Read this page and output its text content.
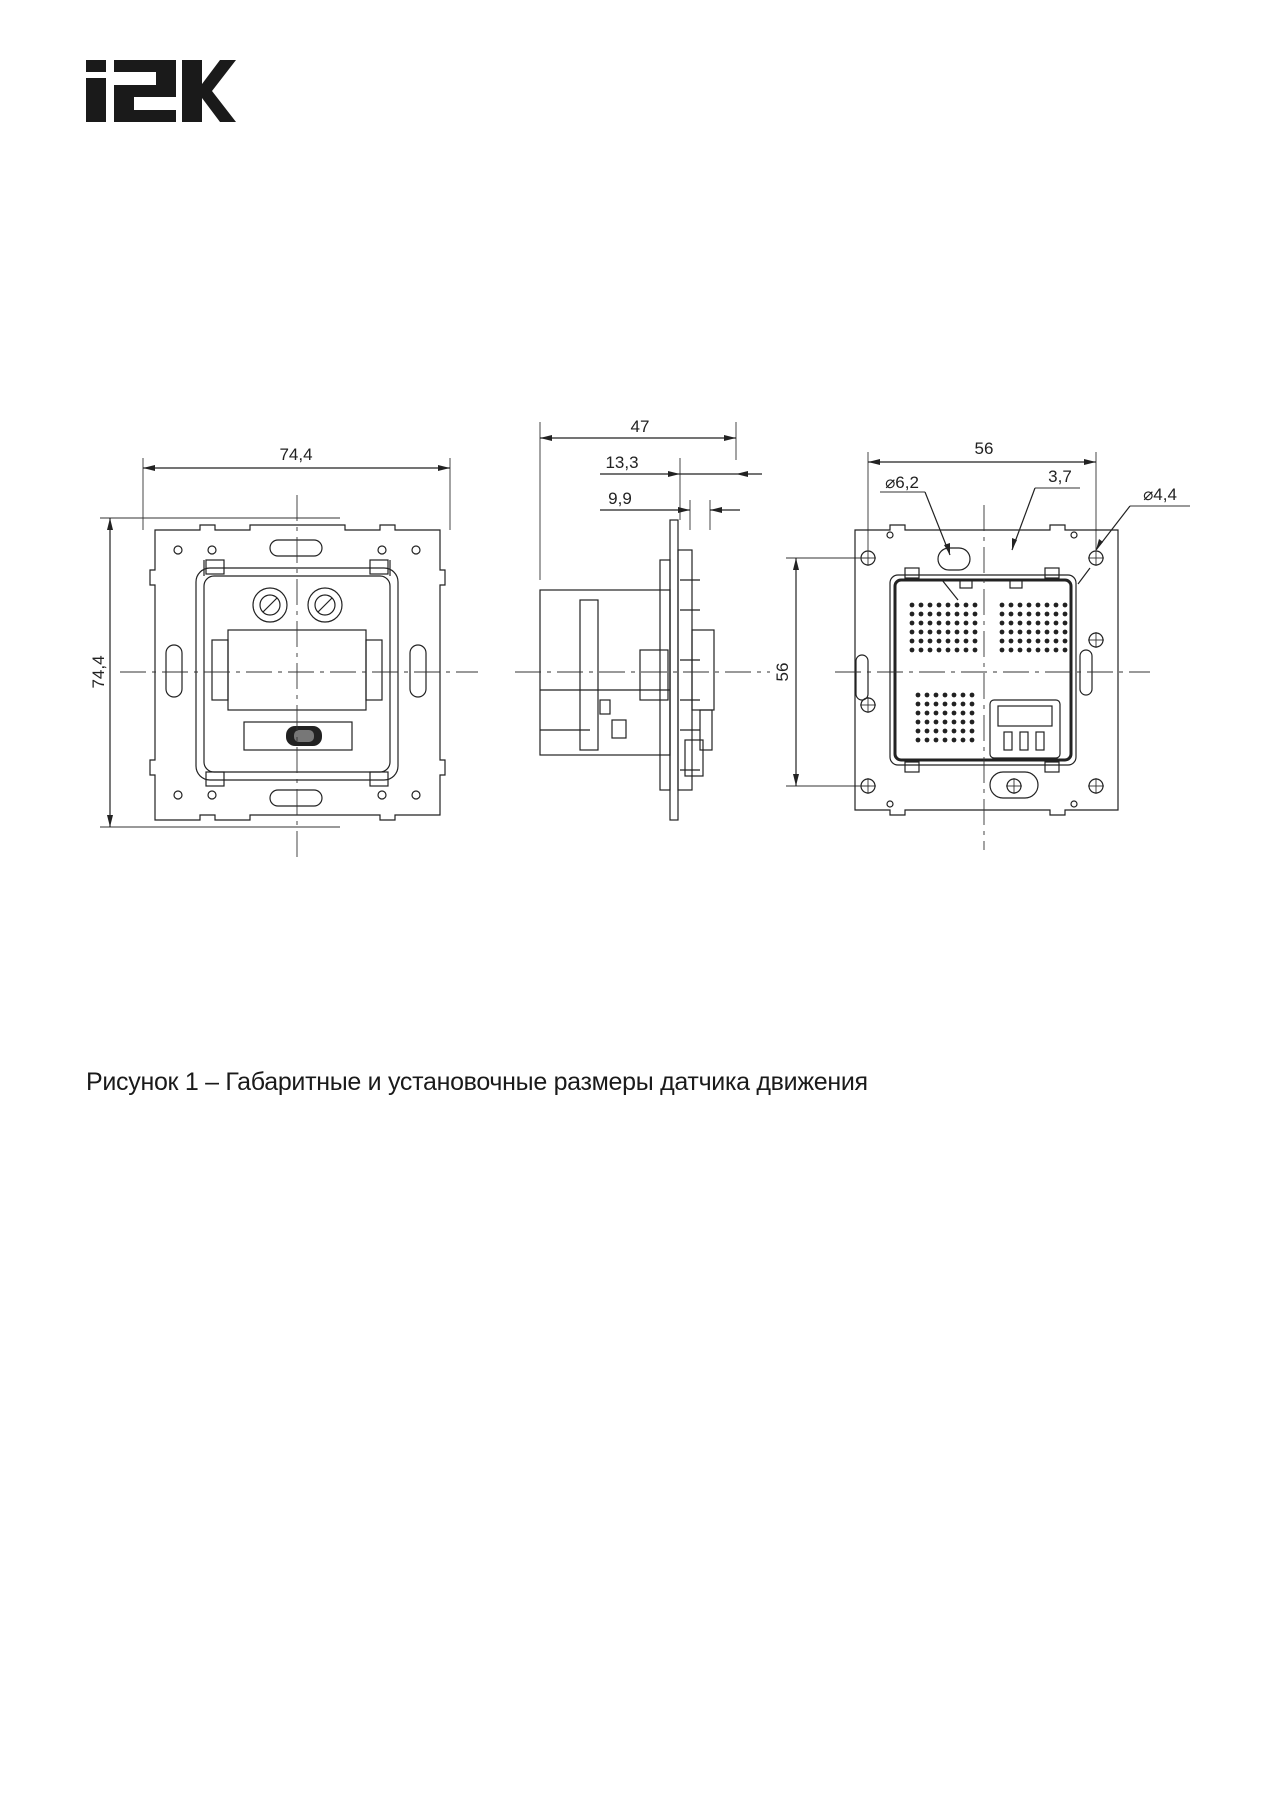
74,4
74,4
47
13,3
9,9
56
56
⌀6,2	3,7
⌀4,4
Рисунок 1 – Габаритные и установочные размеры датчика движения
